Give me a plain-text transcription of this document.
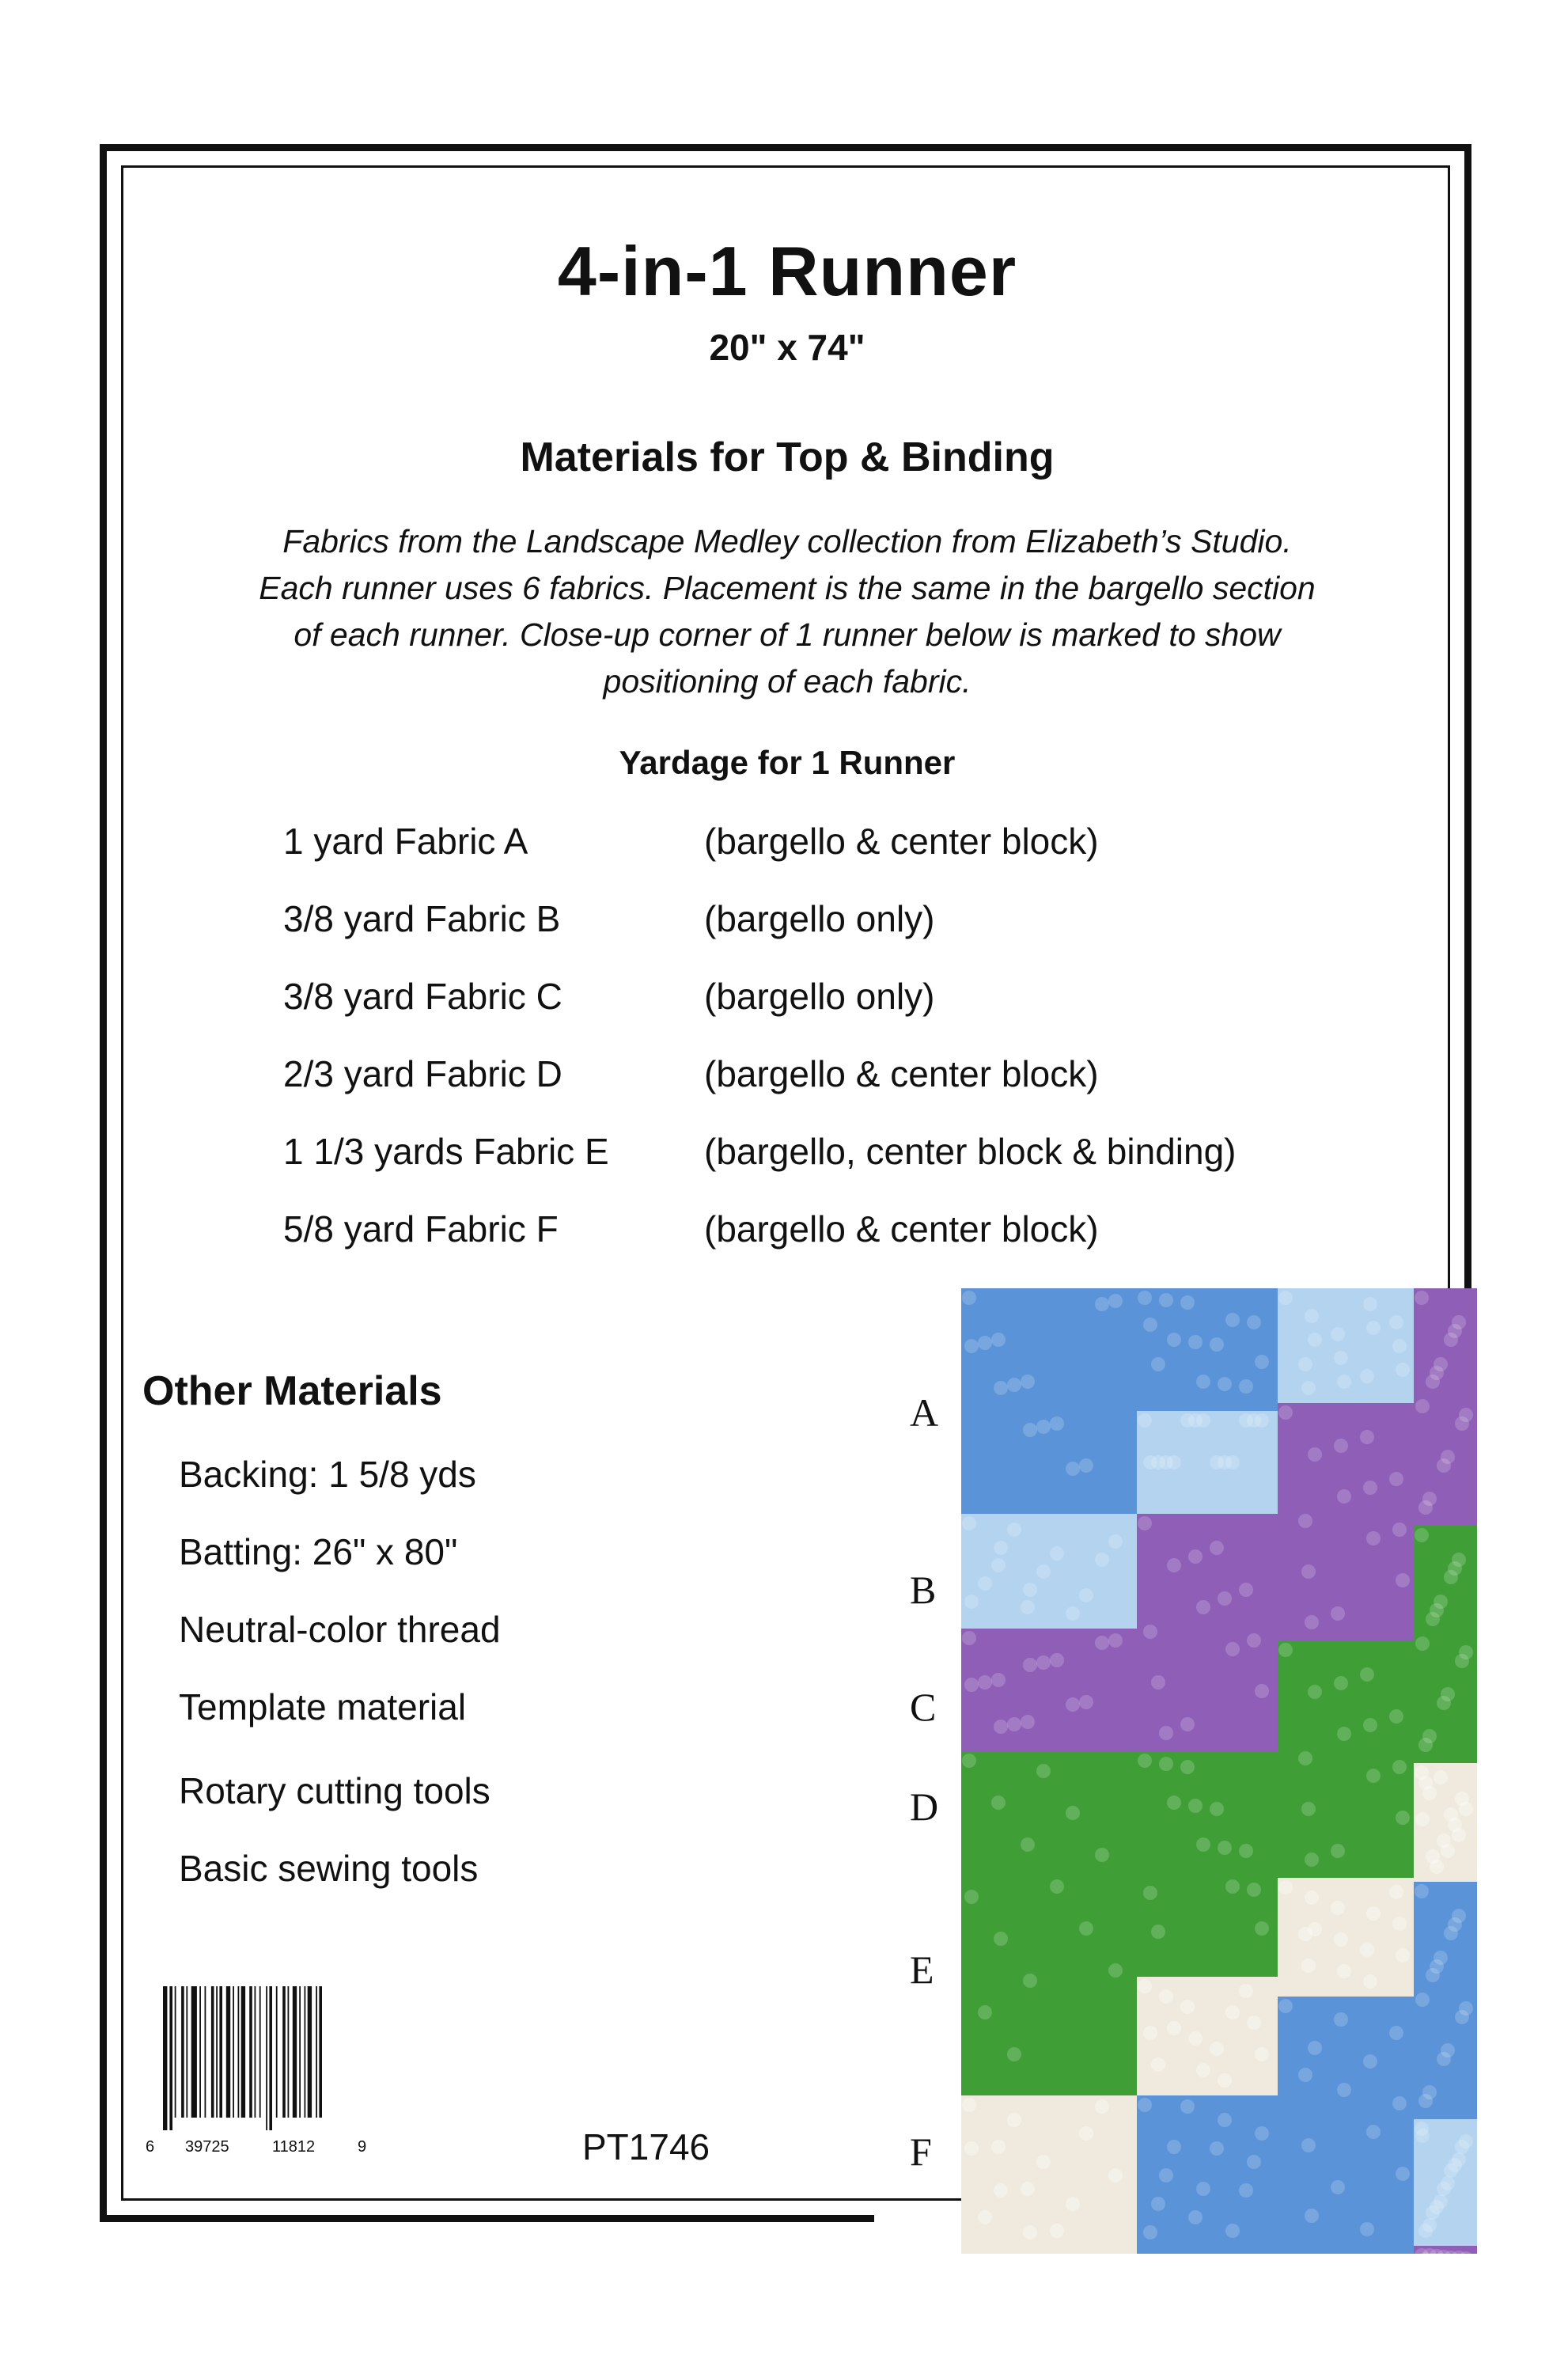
4-in-1 Runner
20" x 74"
Materials for Top & Binding
Fabrics from the Landscape Medley collection from Elizabeth’s Studio.
Each runner uses 6 fabrics. Placement is the same in the bargello section
of each runner. Close-up corner of 1 runner below is marked to show
positioning of each fabric.
Yardage for 1 Runner
1 yard Fabric A	(bargello & center block)
3/8 yard Fabric B	(bargello only)
3/8 yard Fabric C	(bargello only)
2/3 yard Fabric D	(bargello & center block)
1 1/3 yards Fabric E	(bargello, center block & binding)
5/8 yard Fabric F	(bargello & center block)
Other Materials
Backing: 1 5/8 yds
Batting: 26" x 80"
Neutral-color thread
Template material
Rotary cutting tools
Basic sewing tools
6 39725	11812	9	PT1746
A
B
C
D
E
F
